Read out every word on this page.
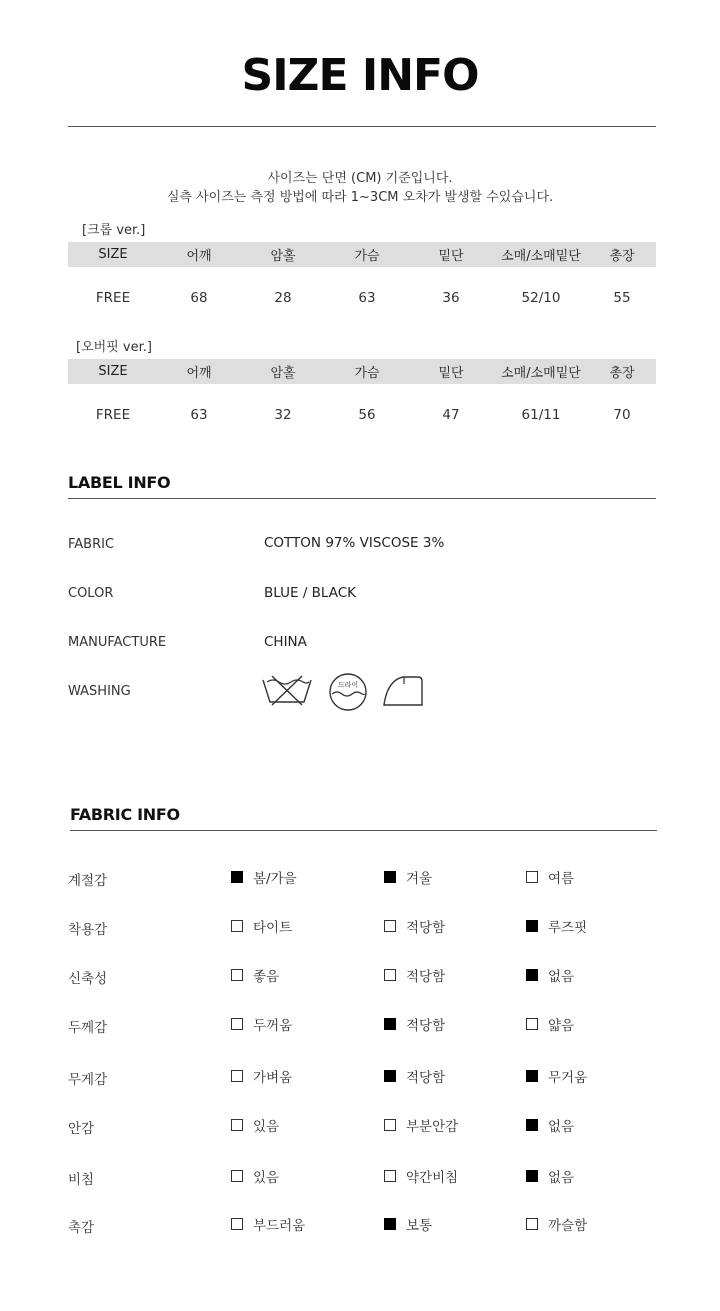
SIZE INFO
사이즈는 단면 (CM) 기준입니다.
실측 사이즈는 측정 방법에 따라 1~3CM 오차가 발생할 수있습니다.
[크롭 ver.]
SIZE	어깨	암홀	가슴	밑단	소매/소매밑단	총장
FREE	68	28	63	36	52/10	55
[오버핏 ver.]
SIZE	어깨	암홀	가슴	밑단	소매/소매밑단	총장
FREE	63	32	56	47	61/11	70
LABEL INFO
FABRIC	COTTON 97% VISCOSE 3%
COLOR	BLUE / BLACK
MANUFACTURE	CHINA
WASHING	드라이
FABRIC INFO
계절감	봄/가을	겨울	여름
착용감	타이트	적당함	루즈핏
신축성	좋음	적당함	없음
두께감	두꺼움	적당함	얇음
무게감	가벼움	적당함	무거움
안감	있음	부분안감	없음
비침	있음	약간비침	없음
촉감	부드러움	보통	까슬함
